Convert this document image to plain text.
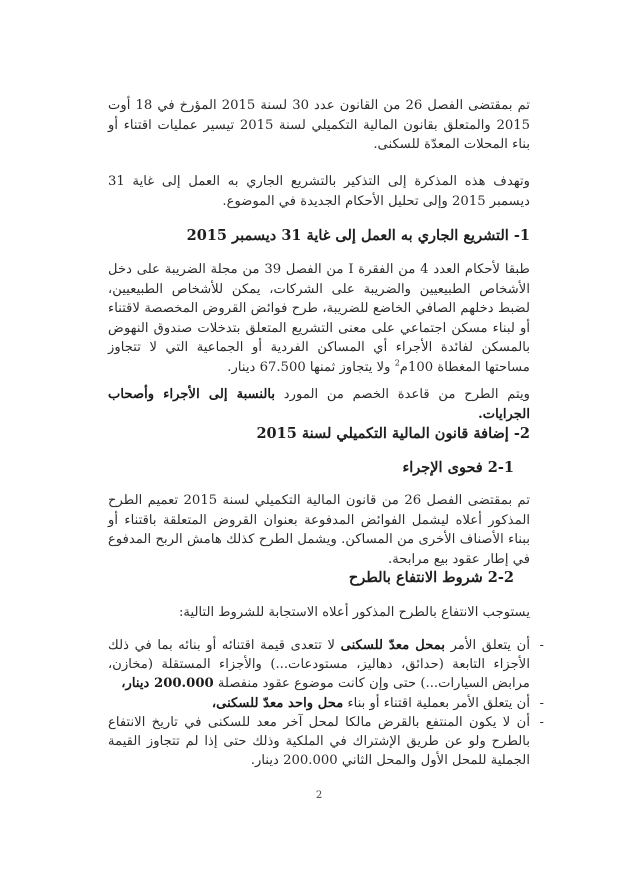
تم بمقتضى الفصل 26 من القانون عدد 30 لسنة 2015 المؤرخ في 18 أوت 2015 والمتعلق بقانون المالية التكميلي لسنة 2015 تيسير عمليات اقتناء أو بناء المحلات المعدّة للسكنى.

وتهدف هذه المذكرة إلى التذكير بالتشريع الجاري به العمل إلى غاية 31 ديسمبر 2015 وإلى تحليل الأحكام الجديدة في الموضوع.

1- التشريع الجاري به العمل إلى غاية 31 ديسمبر 2015

طبقا لأحكام العدد 4 من الفقرة I من الفصل 39 من مجلة الضريبة على دخل الأشخاص الطبيعيين والضريبة على الشركات، يمكن للأشخاص الطبيعيين، لضبط دخلهم الصافي الخاضع للضريبة، طرح فوائض القروض المخصصة لاقتناء أو لبناء مسكن اجتماعي على معنى التشريع المتعلق بتدخلات صندوق النهوض بالمسكن لفائدة الأجراء أي المساكن الفردية أو الجماعية التي لا تتجاوز مساحتها المغطاة 100م$^2$ ولا يتجاوز ثمنها 67.500 دينار.

ويتم الطرح من قاعدة الخصم من المورد بالنسبة إلى الأجراء وأصحاب الجرايات.

2- إضافة قانون المالية التكميلي لسنة 2015
2-1 فحوى الإجراء

تم بمقتضى الفصل 26 من قانون المالية التكميلي لسنة 2015 تعميم الطرح المذكور أعلاه ليشمل الفوائض المدفوعة بعنوان القروض المتعلقة باقتناء أو ببناء الأصناف الأخرى من المساكن. ويشمل الطرح كذلك هامش الربح المدفوع في إطار عقود بيع مرابحة.

2-2 شروط الانتفاع بالطرح

يستوجب الانتفاع بالطرح المذكور أعلاه الاستجابة للشروط التالية:

- أن يتعلق الأمر بمحل معدّ للسكنى لا تتعدى قيمة اقتنائه أو بنائه بما في ذلك الأجزاء التابعة (حدائق، دهاليز، مستودعات...) والأجزاء المستقلة (مخازن، مرابض السيارات...) حتى وإن كانت موضوع عقود منفصلة 200.000 دينار،
- أن يتعلق الأمر بعملية اقتناء أو بناء محل واحد معدّ للسكنى،
- أن لا يكون المنتفع بالقرض مالكا لمحل آخر معد للسكنى في تاريخ الانتفاع بالطرح ولو عن طريق الإشتراك في الملكية وذلك حتى إذا لم تتجاوز القيمة الجملية للمحل الأول والمحل الثاني 200.000 دينار.
2
